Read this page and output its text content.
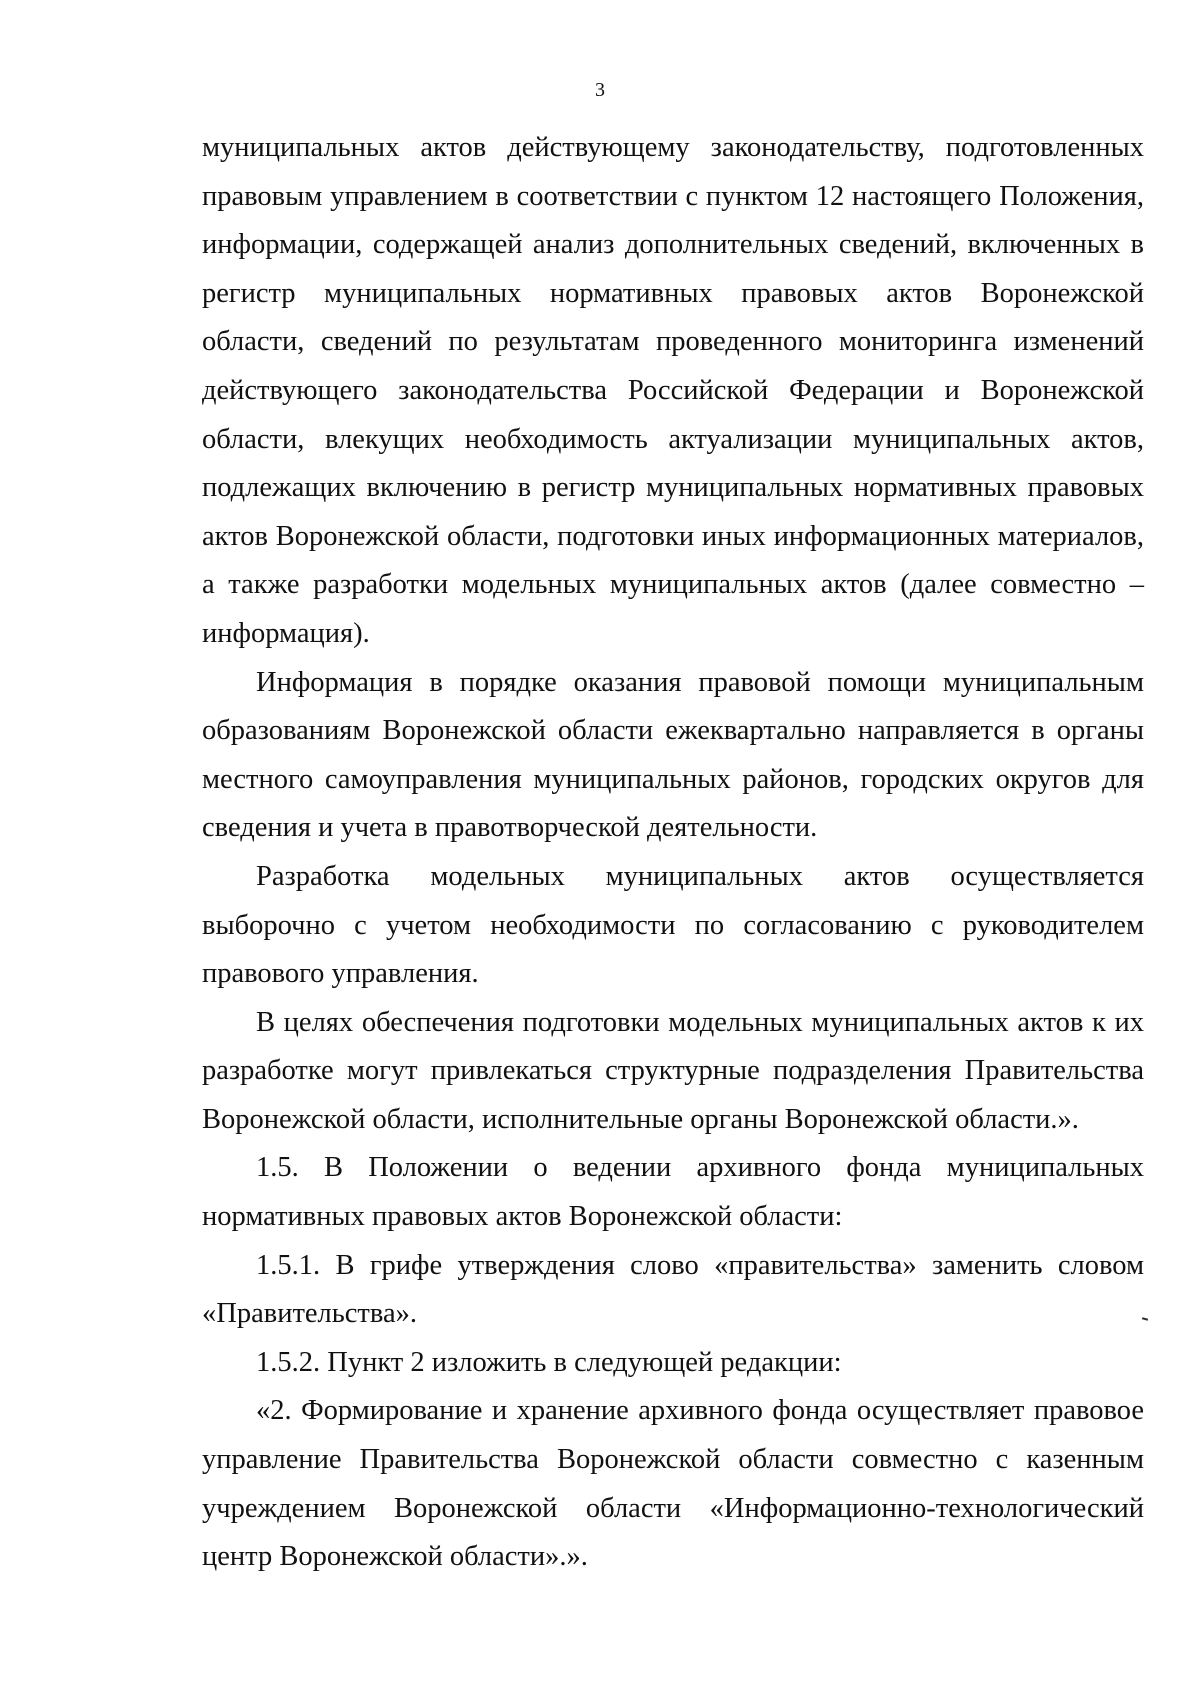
3

муниципальных актов действующему законодательству, подготовленных правовым управлением в соответствии с пунктом 12 настоящего Положения, информации, содержащей анализ дополнительных сведений, включенных в регистр муниципальных нормативных правовых актов Воронежской области, сведений по результатам проведенного мониторинга изменений действующего законодательства Российской Федерации и Воронежской области, влекущих необходимость актуализации муниципальных актов, подлежащих включению в регистр муниципальных нормативных правовых актов Воронежской области, подготовки иных информационных материалов, а также разработки модельных муниципальных актов (далее совместно – информация).

Информация в порядке оказания правовой помощи муниципальным образованиям Воронежской области ежеквартально направляется в органы местного самоуправления муниципальных районов, городских округов для сведения и учета в правотворческой деятельности.

Разработка модельных муниципальных актов осуществляется выборочно с учетом необходимости по согласованию с руководителем правового управления.

В целях обеспечения подготовки модельных муниципальных актов к их разработке могут привлекаться структурные подразделения Правительства Воронежской области, исполнительные органы Воронежской области.».

1.5. В Положении о ведении архивного фонда муниципальных нормативных правовых актов Воронежской области:

1.5.1. В грифе утверждения слово «правительства» заменить словом «Правительства».

1.5.2. Пункт 2 изложить в следующей редакции:

«2. Формирование и хранение архивного фонда осуществляет правовое управление Правительства Воронежской области совместно с казенным учреждением Воронежской области «Информационно-технологический центр Воронежской области».».
